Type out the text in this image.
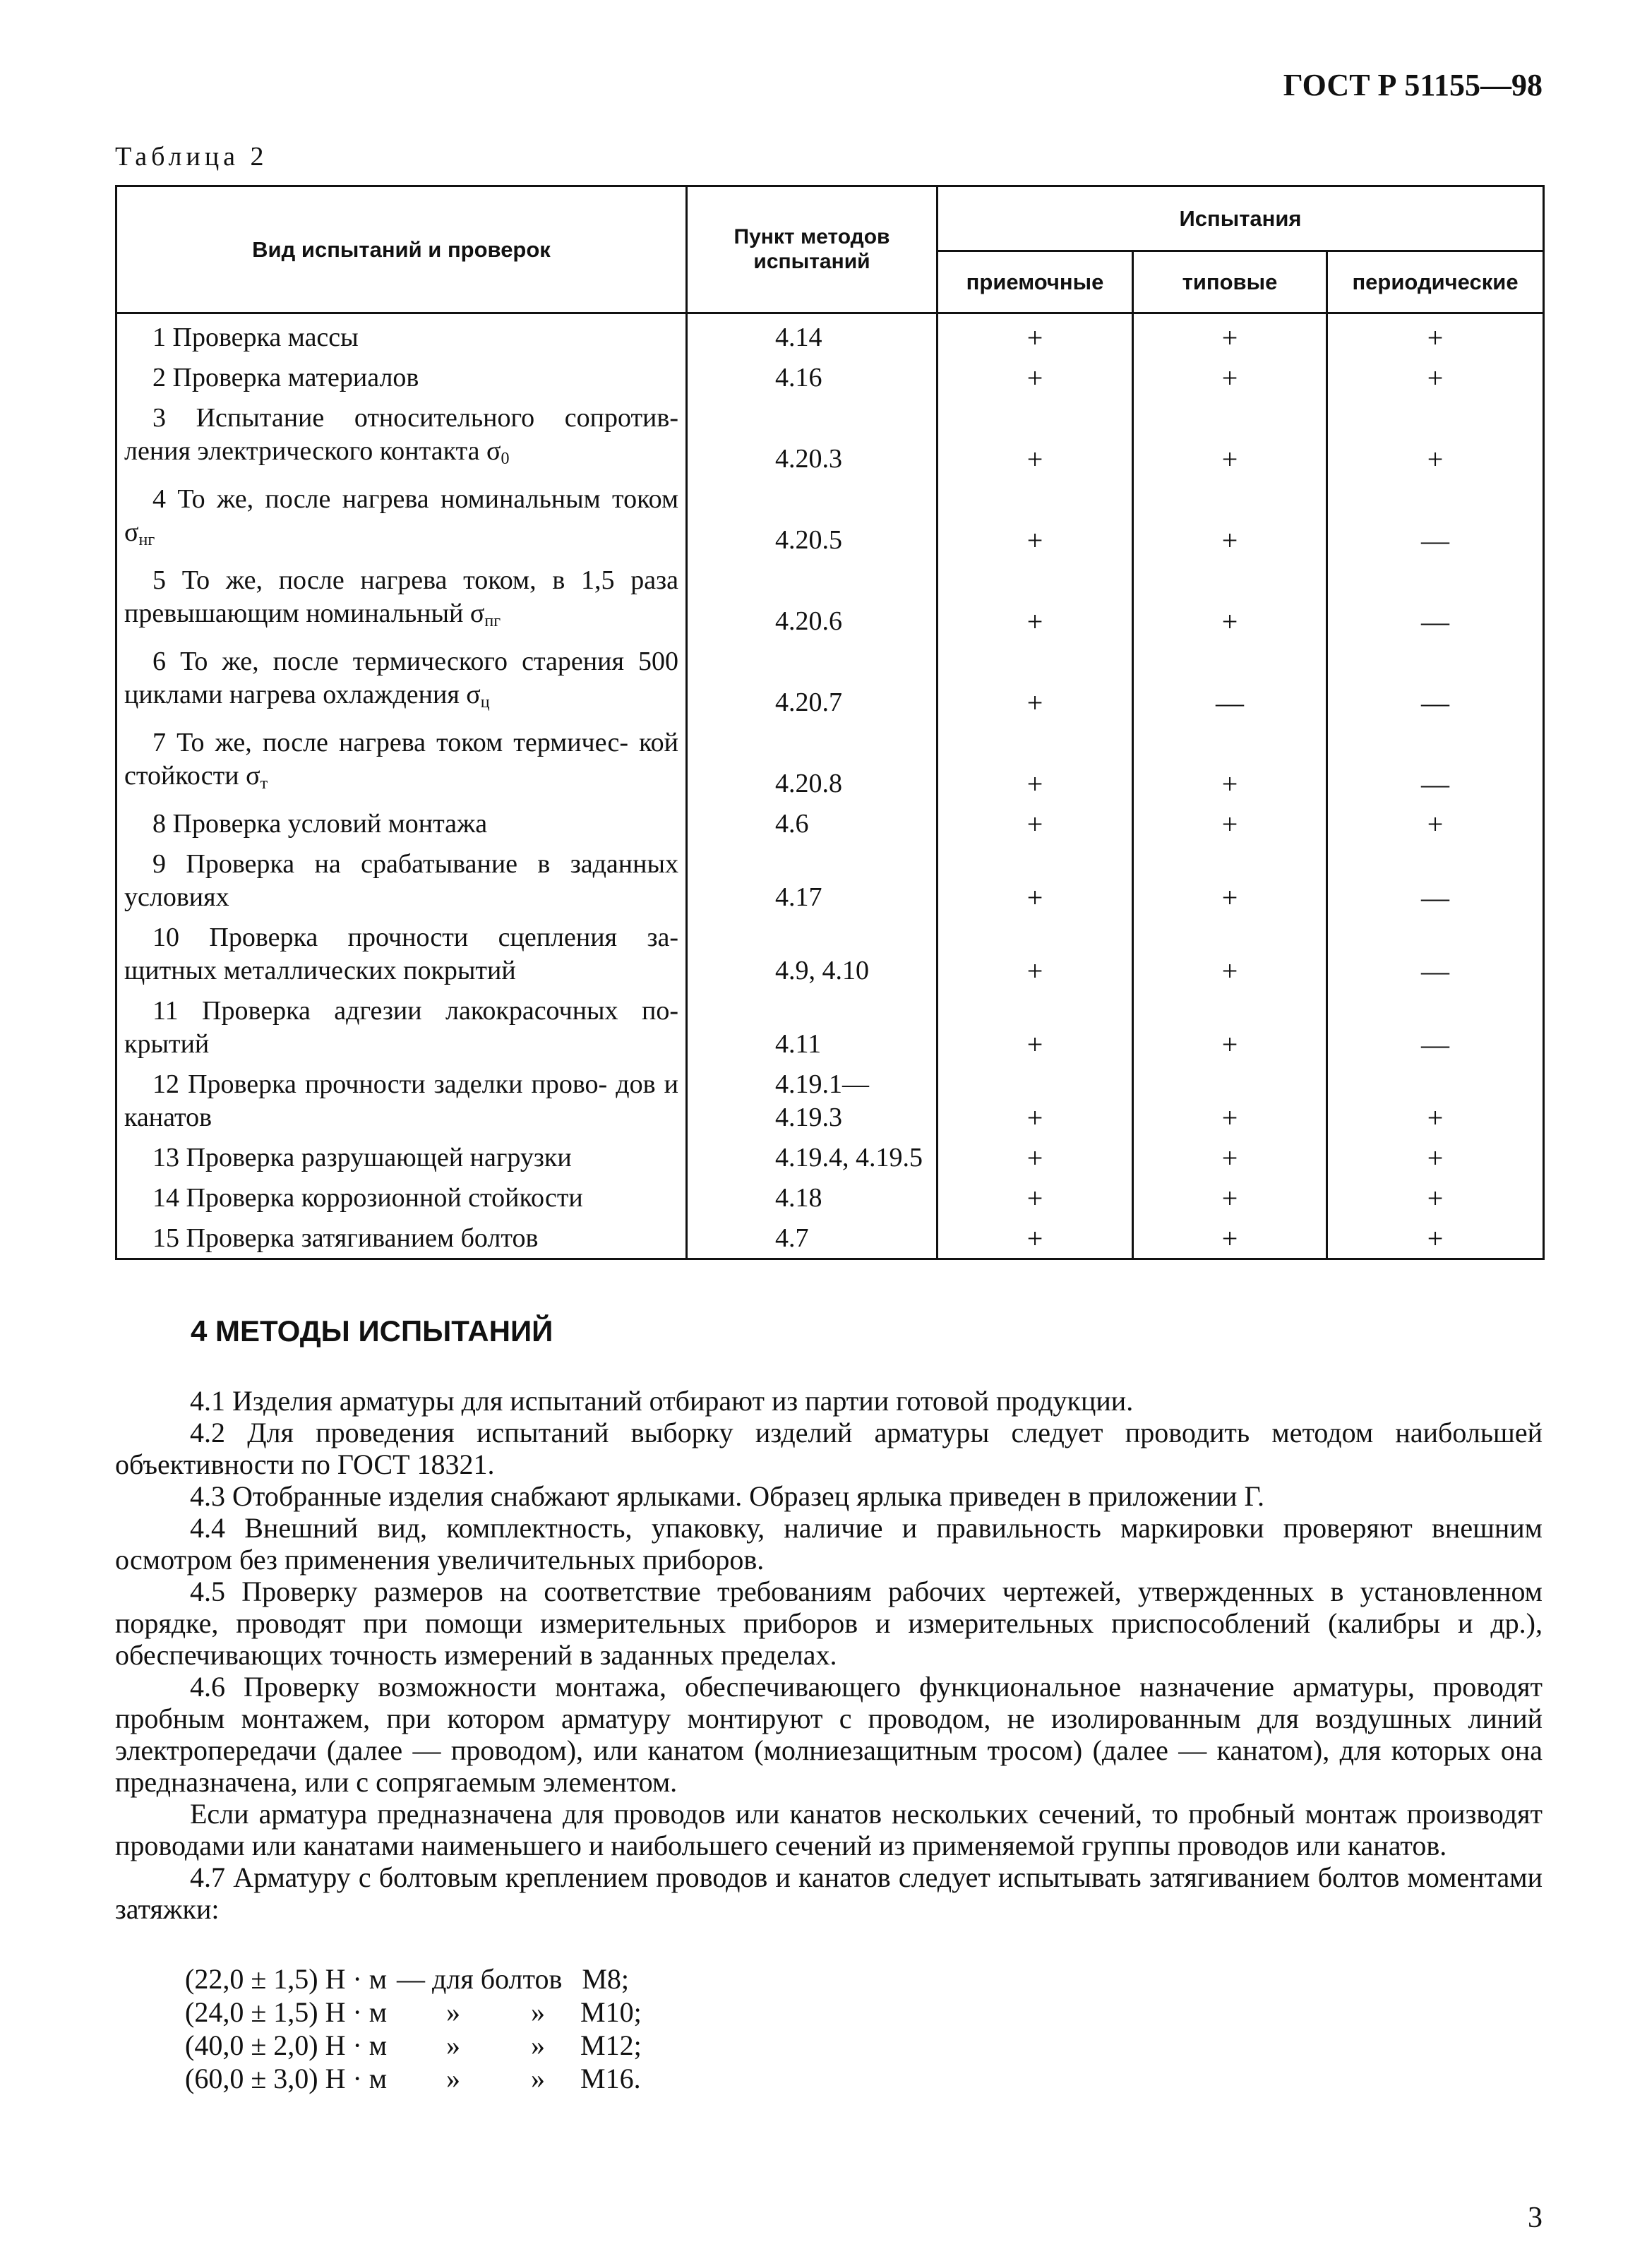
ГОСТ Р 51155—98
Таблица 2
Вид испытаний и проверок	Пункт методов испытаний	Испытания		
		приемочные	типовые	периодические
1 Проверка массы	4.14	+	+	+
2 Проверка материалов	4.16	+	+	+
3 Испытание относительного сопротив- ления электрического контакта $\sigma_0$	4.20.3	+	+	+
4 То же, после нагрева номинальным током $\sigma_{нг}$	4.20.5	+	+	—
5 То же, после нагрева током, в 1,5 раза превышающим номинальный $\sigma_{пг}$	4.20.6	+	+	—
6 То же, после термического старения 500 циклами нагрева охлаждения $\sigma_ц$	4.20.7	+	—	—
7 То же, после нагрева током термичес- кой стойкости $\sigma_т$	4.20.8	+	+	—
8 Проверка условий монтажа	4.6	+	+	+
9 Проверка на срабатывание в заданных условиях	4.17	+	+	—
10 Проверка прочности сцепления за- щитных металлических покрытий	4.9, 4.10	+	+	—
11 Проверка адгезии лакокрасочных по- крытий	4.11	+	+	—
12 Проверка прочности заделки прово- дов и канатов	4.19.1— 4.19.3	+	+	+
13 Проверка разрушающей нагрузки	4.19.4, 4.19.5	+	+	+
14 Проверка коррозионной стойкости	4.18	+	+	+
15 Проверка затягиванием болтов	4.7	+	+	+
4 МЕТОДЫ ИСПЫТАНИЙ

4.1 Изделия арматуры для испытаний отбирают из партии готовой продукции.

4.2 Для проведения испытаний выборку изделий арматуры следует проводить методом наибольшей объективности по ГОСТ 18321.

4.3 Отобранные изделия снабжают ярлыками. Образец ярлыка приведен в приложении Г.

4.4 Внешний вид, комплектность, упаковку, наличие и правильность маркировки проверяют внешним осмотром без применения увеличительных приборов.

4.5 Проверку размеров на соответствие требованиям рабочих чертежей, утвержденных в установленном порядке, проводят при помощи измерительных приборов и измерительных приспособлений (калибры и др.), обеспечивающих точность измерений в заданных пределах.

4.6 Проверку возможности монтажа, обеспечивающего функциональное назначение арматуры, проводят пробным монтажем, при котором арматуру монтируют с проводом, не изолированным для воздушных линий электропередачи (далее — проводом), или канатом (молниезащитным тросом) (далее — канатом), для которых она предназначена, или с сопрягаемым элементом.

Если арматура предназначена для проводов или канатов нескольких сечений, то пробный монтаж производят проводами или канатами наименьшего и наибольшего сечений из применяемой группы проводов или канатов.

4.7 Арматуру с болтовым креплением проводов и канатов следует испытывать затягиванием болтов моментами затяжки:

(22,0 ± 1,5) Н · м — для болтов М8;
(24,0 ± 1,5) Н · м	»	»	М10;
(40,0 ± 2,0) Н · м	»	»	М12;
(60,0 ± 3,0) Н · м	»	»	М16.
3
